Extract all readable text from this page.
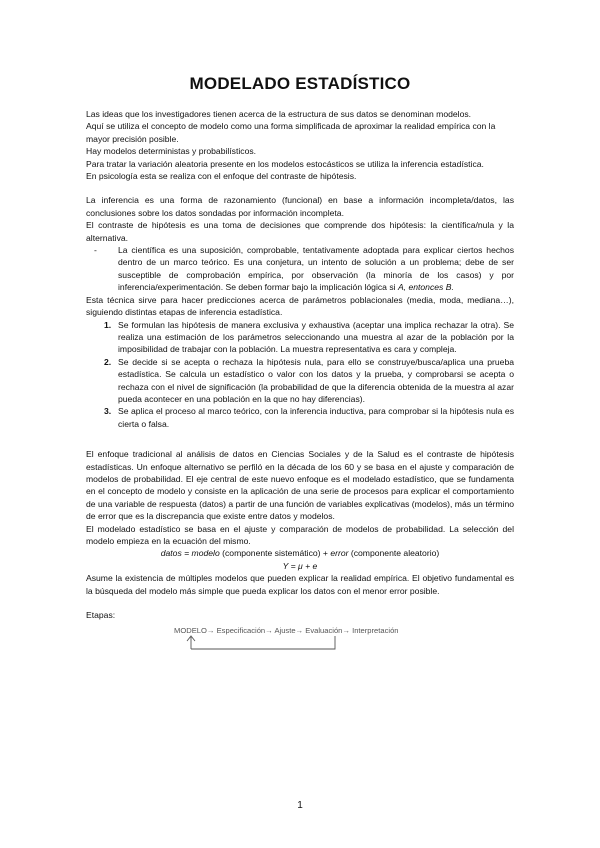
MODELADO ESTADÍSTICO

Las ideas que los investigadores tienen acerca de la estructura de sus datos se denominan modelos.

Aquí se utiliza el concepto de modelo como una forma simplificada de aproximar la realidad empírica con la mayor precisión posible.

Hay modelos deterministas y probabilísticos.

Para tratar la variación aleatoria presente en los modelos estocásticos se utiliza la inferencia estadística.

En psicología esta se realiza con el enfoque del contraste de hipótesis.

La inferencia es una forma de razonamiento (funcional) en base a información incompleta/datos, las conclusiones sobre los datos sondadas por información incompleta.

El contraste de hipótesis es una toma de decisiones que comprende dos hipótesis: la científica/nula y la alternativa.

- La científica es una suposición, comprobable, tentativamente adoptada para explicar ciertos hechos dentro de un marco teórico. Es una conjetura, un intento de solución a un problema; debe de ser susceptible de comprobación empírica, por observación (la minoría de los casos) y por inferencia/experimentación. Se deben formar bajo la implicación lógica si A, entonces B.

Esta técnica sirve para hacer predicciones acerca de parámetros poblacionales (media, moda, mediana…), siguiendo distintas etapas de inferencia estadística.

1. Se formulan las hipótesis de manera exclusiva y exhaustiva (aceptar una implica rechazar la otra). Se realiza una estimación de los parámetros seleccionando una muestra al azar de la población por la imposibilidad de trabajar con la población. La muestra representativa es cara y compleja.
2. Se decide si se acepta o rechaza la hipótesis nula, para ello se construye/busca/aplica una prueba estadística. Se calcula un estadístico o valor con los datos y la prueba, y comprobarsi se acepta o rechaza con el nivel de significación (la probabilidad de que la diferencia obtenida de la muestra al azar pueda acontecer en una población en la que no hay diferencias).
3. Se aplica el proceso al marco teórico, con la inferencia inductiva, para comprobar si la hipótesis nula es cierta o falsa.

El enfoque tradicional al análisis de datos en Ciencias Sociales y de la Salud es el contraste de hipótesis estadísticas. Un enfoque alternativo se perfiló en la década de los 60 y se basa en el ajuste y comparación de modelos de probabilidad. El eje central de este nuevo enfoque es el modelado estadístico, que se fundamenta en el concepto de modelo y consiste en la aplicación de una serie de procesos para explicar el comportamiento de una variable de respuesta (datos) a partir de una función de variables explicativas (modelos), más un término de error que es la discrepancia que existe entre datos y modelos.

El modelado estadístico se basa en el ajuste y comparación de modelos de probabilidad. La selección del modelo empieza en la ecuación del mismo.

datos = modelo (componente sistemático) + error (componente aleatorio)

Y = μ + e

Asume la existencia de múltiples modelos que pueden explicar la realidad empírica. El objetivo fundamental es la búsqueda del modelo más simple que pueda explicar los datos con el menor error posible.

Etapas:

MODELO→ Especificación→ Ajuste→ Evaluación→ Interpretación
1
